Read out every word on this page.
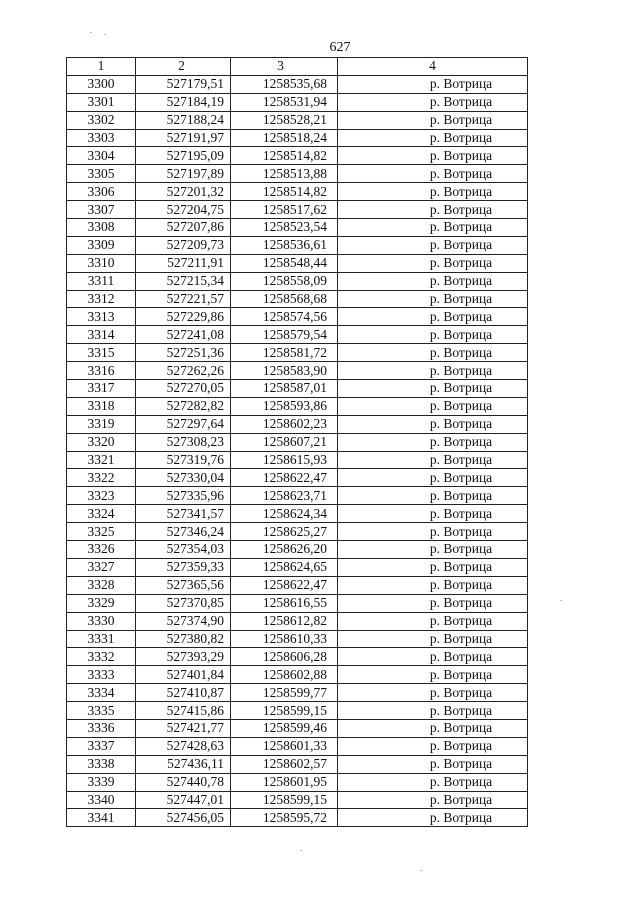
627
1	2	3	4
3300	527179,51	1258535,68	р. Вотрица
3301	527184,19	1258531,94	р. Вотрица
3302	527188,24	1258528,21	р. Вотрица
3303	527191,97	1258518,24	р. Вотрица
3304	527195,09	1258514,82	р. Вотрица
3305	527197,89	1258513,88	р. Вотрица
3306	527201,32	1258514,82	р. Вотрица
3307	527204,75	1258517,62	р. Вотрица
3308	527207,86	1258523,54	р. Вотрица
3309	527209,73	1258536,61	р. Вотрица
3310	527211,91	1258548,44	р. Вотрица
3311	527215,34	1258558,09	р. Вотрица
3312	527221,57	1258568,68	р. Вотрица
3313	527229,86	1258574,56	р. Вотрица
3314	527241,08	1258579,54	р. Вотрица
3315	527251,36	1258581,72	р. Вотрица
3316	527262,26	1258583,90	р. Вотрица
3317	527270,05	1258587,01	р. Вотрица
3318	527282,82	1258593,86	р. Вотрица
3319	527297,64	1258602,23	р. Вотрица
3320	527308,23	1258607,21	р. Вотрица
3321	527319,76	1258615,93	р. Вотрица
3322	527330,04	1258622,47	р. Вотрица
3323	527335,96	1258623,71	р. Вотрица
3324	527341,57	1258624,34	р. Вотрица
3325	527346,24	1258625,27	р. Вотрица
3326	527354,03	1258626,20	р. Вотрица
3327	527359,33	1258624,65	р. Вотрица
3328	527365,56	1258622,47	р. Вотрица
3329	527370,85	1258616,55	р. Вотрица
3330	527374,90	1258612,82	р. Вотрица
3331	527380,82	1258610,33	р. Вотрица
3332	527393,29	1258606,28	р. Вотрица
3333	527401,84	1258602,88	р. Вотрица
3334	527410,87	1258599,77	р. Вотрица
3335	527415,86	1258599,15	р. Вотрица
3336	527421,77	1258599,46	р. Вотрица
3337	527428,63	1258601,33	р. Вотрица
3338	527436,11	1258602,57	р. Вотрица
3339	527440,78	1258601,95	р. Вотрица
3340	527447,01	1258599,15	р. Вотрица
3341	527456,05	1258595,72	р. Вотрица
